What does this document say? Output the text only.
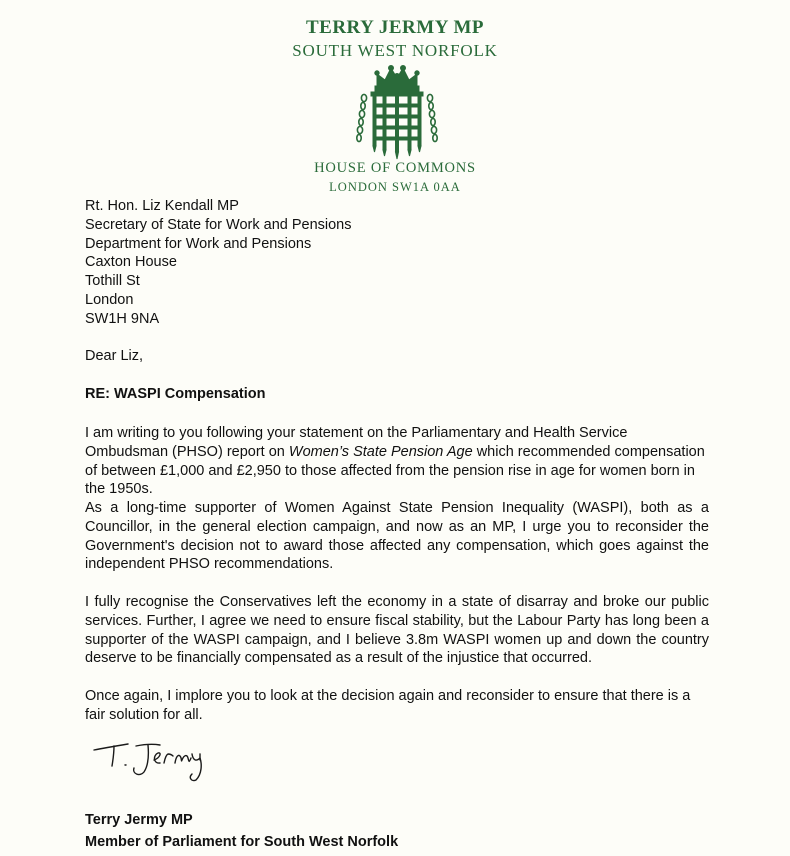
TERRY JERMY MP
SOUTH WEST NORFOLK
HOUSE OF COMMONS
LONDON SW1A 0AA
Rt. Hon. Liz Kendall MP
Secretary of State for Work and Pensions
Department for Work and Pensions
Caxton House
Tothill St
London
SW1H 9NA
Dear Liz,
RE: WASPI Compensation
I am writing to you following your statement on the Parliamentary and Health Service Ombudsman (PHSO) report on Women’s State Pension Age which recommended compensation of between £1,000 and £2,950 to those affected from the pension rise in age for women born in the 1950s.
As a long-time supporter of Women Against State Pension Inequality (WASPI), both as a Councillor, in the general election campaign, and now as an MP, I urge you to reconsider the Government's decision not to award those affected any compensation, which goes against the independent PHSO recommendations.
I fully recognise the Conservatives left the economy in a state of disarray and broke our public services. Further, I agree we need to ensure fiscal stability, but the Labour Party has long been a supporter of the WASPI campaign, and I believe 3.8m WASPI women up and down the country deserve to be financially compensated as a result of the injustice that occurred.
Once again, I implore you to look at the decision again and reconsider to ensure that there is a fair solution for all.
Terry Jermy MP
Member of Parliament for South West Norfolk
